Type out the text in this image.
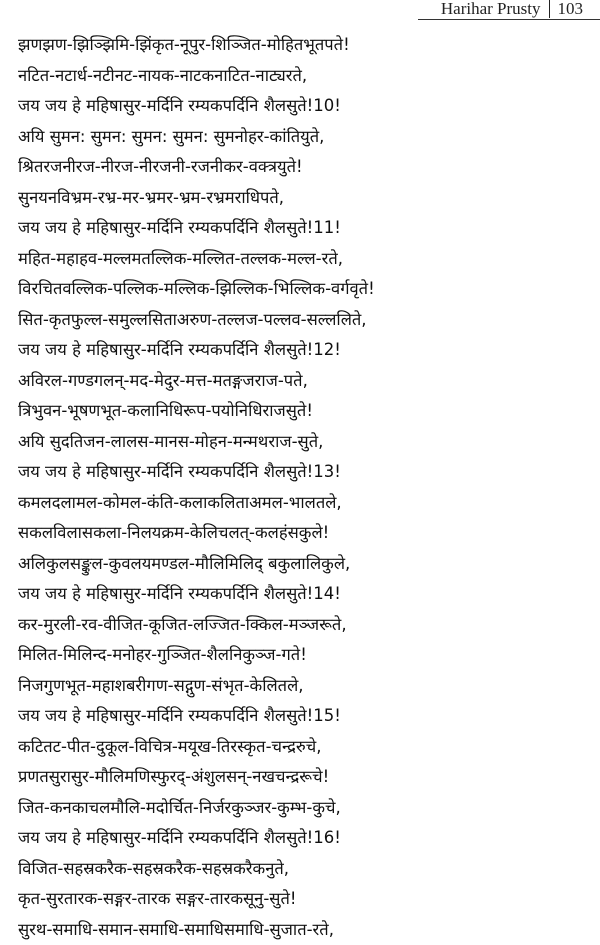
Harihar Prusty 103
झणझण-झिञ्झिमि-झिंकृत-नूपुर-शिञ्जित-मोहितभूतपते!
नटित-नटार्ध-नटीनट-नायक-नाटकनाटित-नाट्यरते,
जय जय हे महिषासुर-मर्दिनि रम्यकपर्दिनि शैलसुते!10!
अयि सुमन: सुमन: सुमन: सुमन: सुमनोहर-कांतियुते,
श्रितरजनीरज-नीरज-नीरजनी-रजनीकर-वक्त्रयुते!
सुनयनविभ्रम-रभ्र-मर-भ्रमर-भ्रम-रभ्रमराधिपते,
जय जय हे महिषासुर-मर्दिनि रम्यकपर्दिनि शैलसुते!11!
महित-महाहव-मल्लमतल्लिक-मल्लित-तल्लक-मल्ल-रते,
विरचितवल्लिक-पल्लिक-मल्लिक-झिल्लिक-भिल्लिक-वर्गवृते!
सित-कृतफुल्ल-समुल्लसिताअरुण-तल्लज-पल्लव-सल्ललिते,
जय जय हे महिषासुर-मर्दिनि रम्यकपर्दिनि शैलसुते!12!
अविरल-गण्डगलन्-मद-मेदुर-मत्त-मतङ्गजराज-पते,
त्रिभुवन-भूषणभूत-कलानिधिरूप-पयोनिधिराजसुते!
अयि सुदतिजन-लालस-मानस-मोहन-मन्मथराज-सुते,
जय जय हे महिषासुर-मर्दिनि रम्यकपर्दिनि शैलसुते!13!
कमलदलामल-कोमल-कंति-कलाकलिताअमल-भालतले,
सकलविलासकला-निलयक्रम-केलिचलत्-कलहंसकुले!
अलिकुलसङ्कुल-कुवलयमण्डल-मौलिमिलिद् बकुलालिकुले,
जय जय हे महिषासुर-मर्दिनि रम्यकपर्दिनि शैलसुते!14!
कर-मुरली-रव-वीजित-कूजित-लज्जित-क्किल-मञ्जरूते,
मिलित-मिलिन्द-मनोहर-गुञ्जित-शैलनिकुञ्ज-गते!
निजगुणभूत-महाशबरीगण-सद्गुण-संभृत-केलितले,
जय जय हे महिषासुर-मर्दिनि रम्यकपर्दिनि शैलसुते!15!
कटितट-पीत-दुकूल-विचित्र-मयूख-तिरस्कृत-चन्द्ररुचे,
प्रणतसुरासुर-मौलिमणिस्फुरद्-अंशुलसन्-नखचन्द्ररूचे!
जित-कनकाचलमौलि-मदोर्चित-निर्जरकुञ्जर-कुम्भ-कुचे,
जय जय हे महिषासुर-मर्दिनि रम्यकपर्दिनि शैलसुते!16!
विजित-सहस्रकरैक-सहस्रकरैक-सहस्रकरैकनुते,
कृत-सुरतारक-सङ्गर-तारक सङ्गर-तारकसूनु-सुते!
सुरथ-समाधि-समान-समाधि-समाधिसमाधि-सुजात-रते,
